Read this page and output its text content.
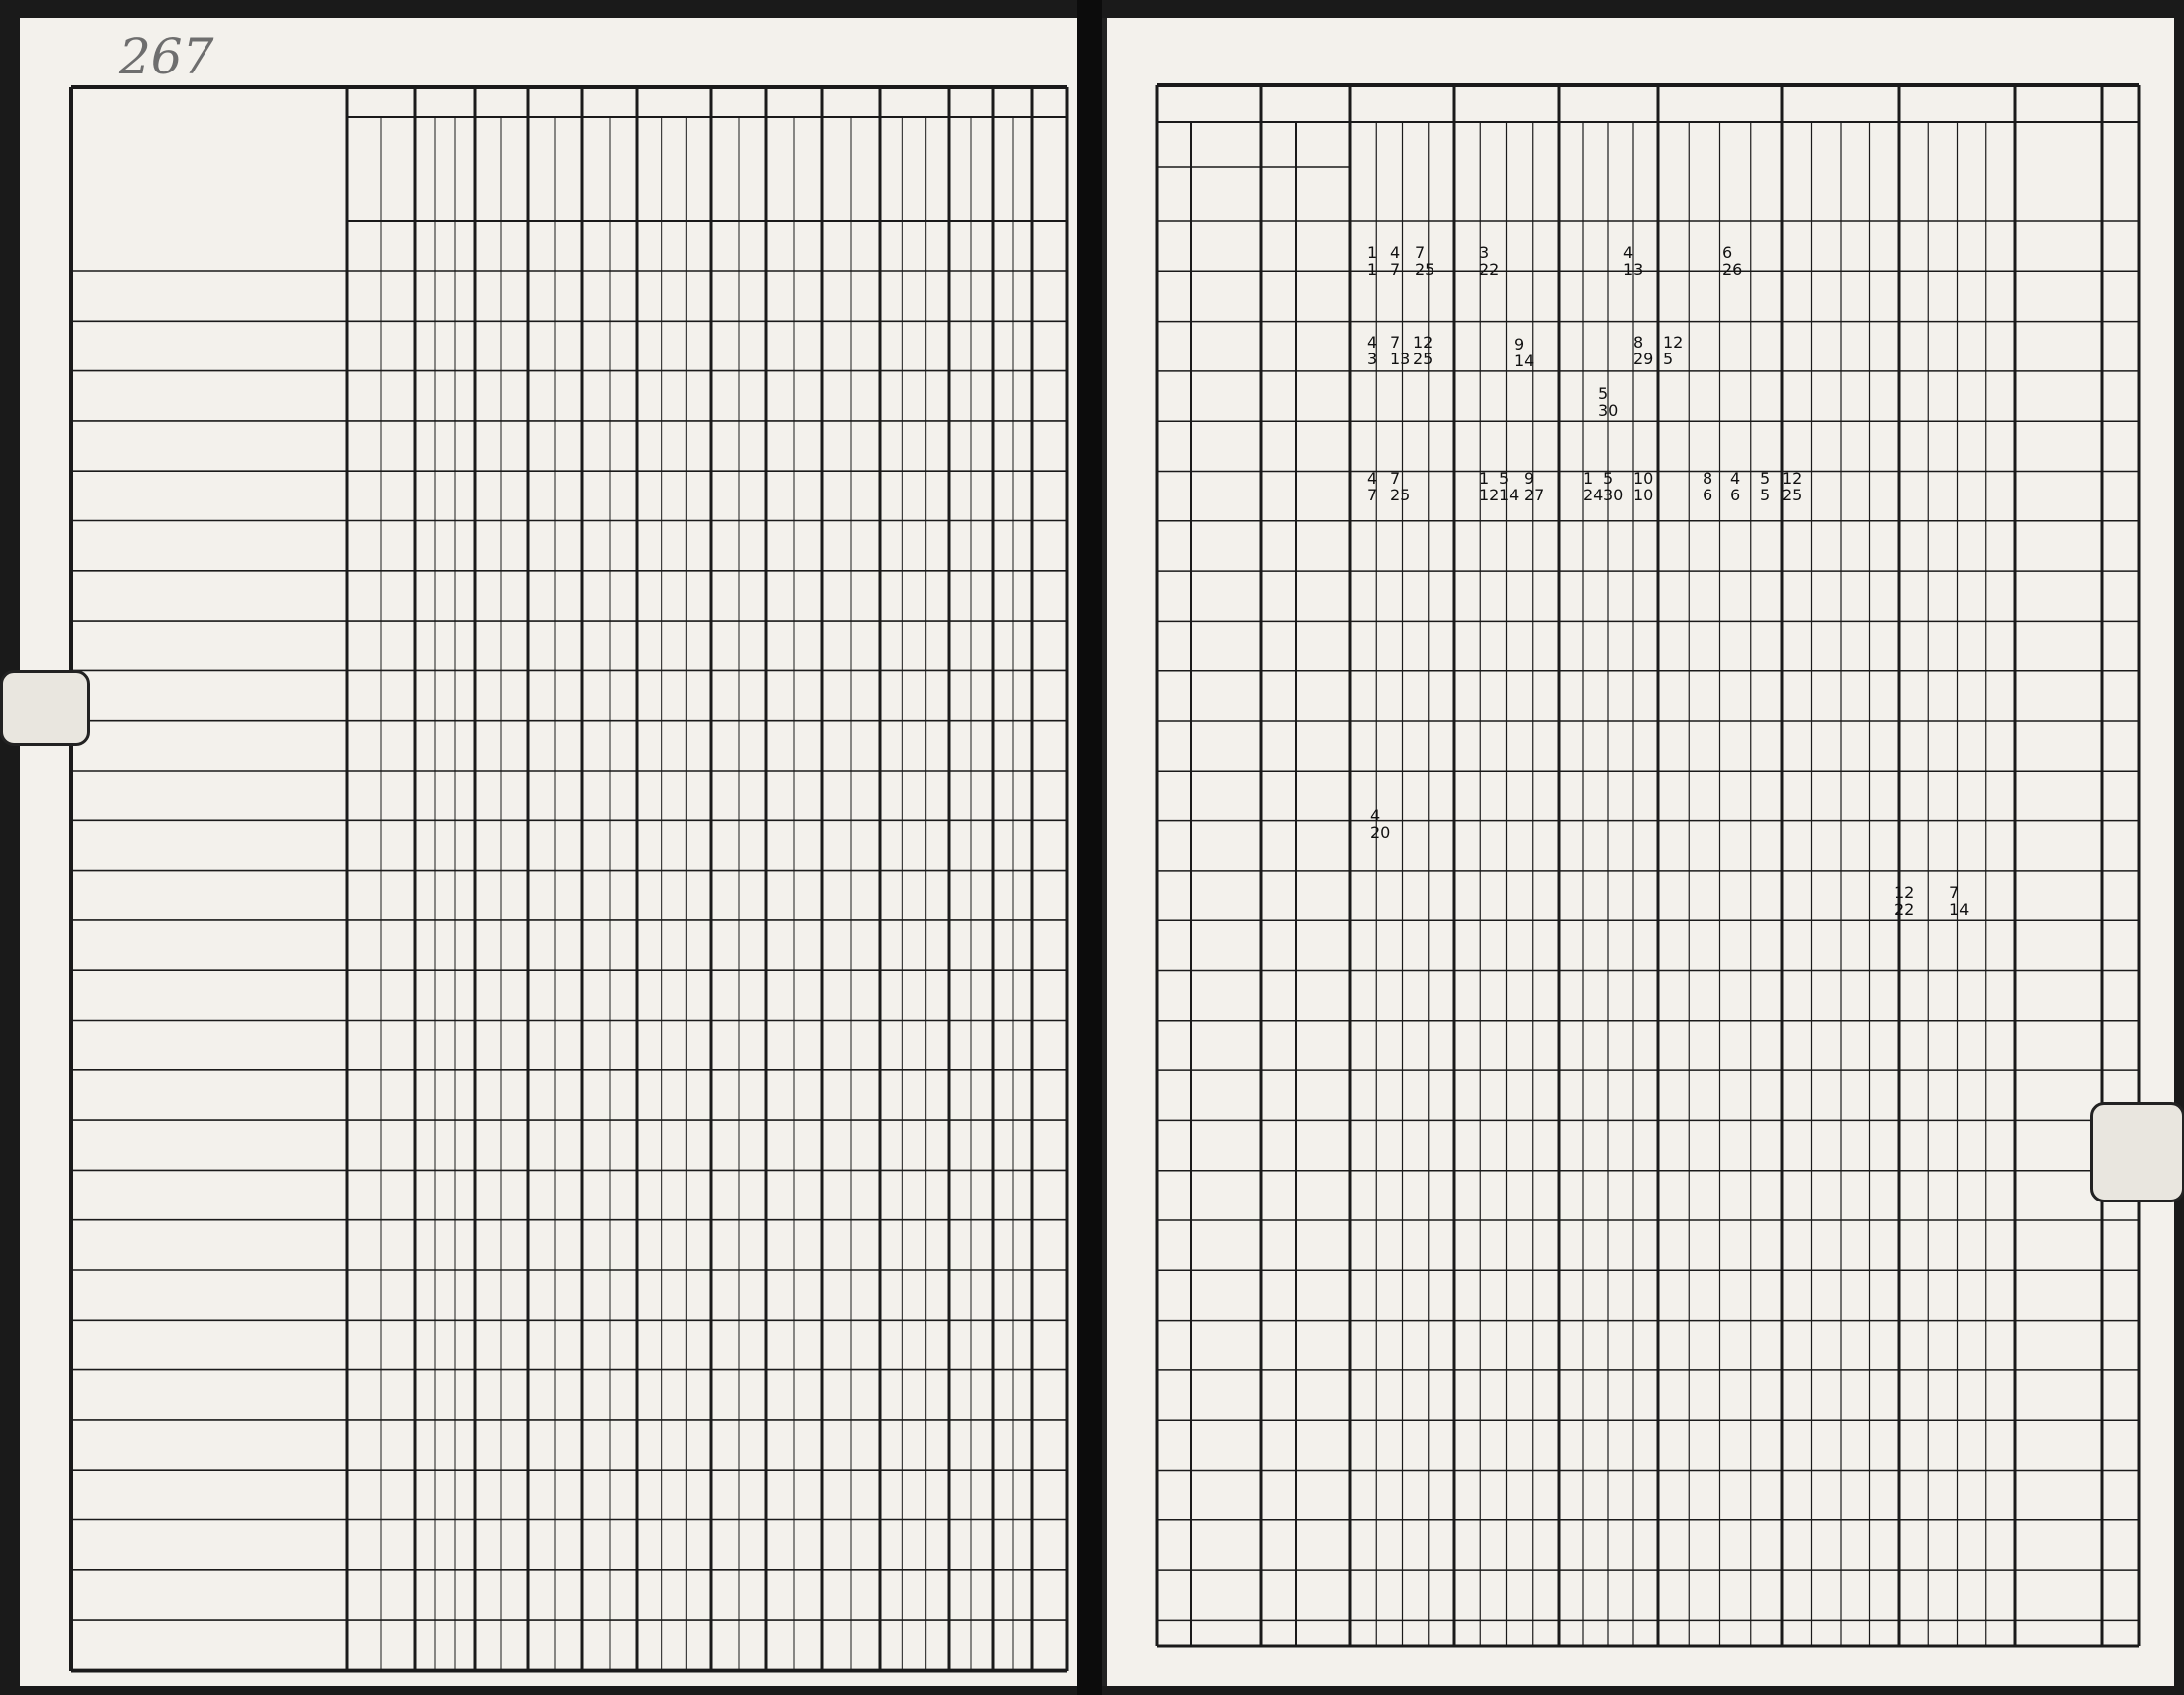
267
1
1
4
7
7
25
3
22
4
13
6
26
4
3
7
13
12
25
9
14
8
29
12
5
5
30
4
7
7
25
1
12
5
14
9
27
1
24
5
30
10
10
8
6
4
6
5
5
12
25
4
20
12
22
7
14
